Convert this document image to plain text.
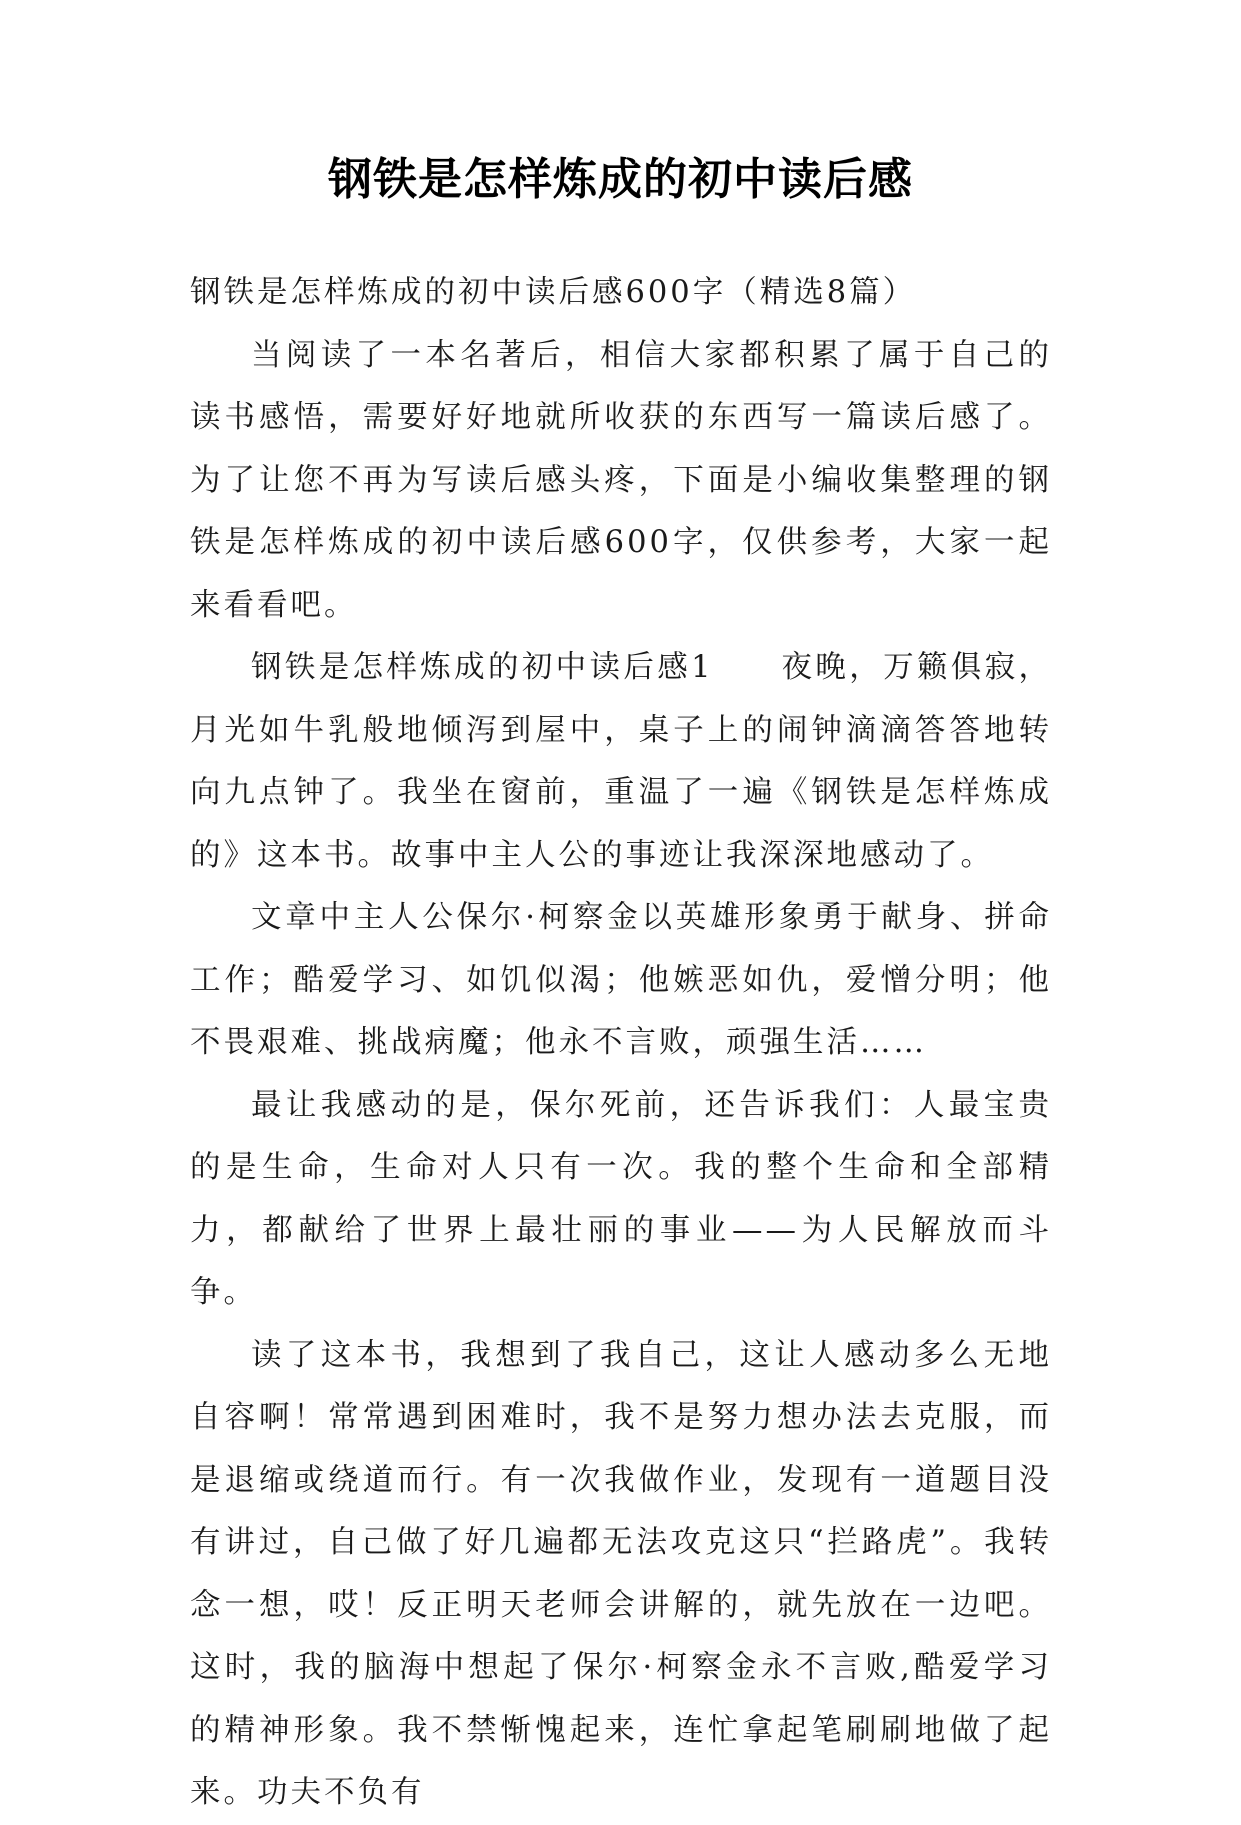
钢铁是怎样炼成的初中读后感

钢铁是怎样炼成的初中读后感600字（精选8篇）

当阅读了一本名著后，相信大家都积累了属于自己的读书感悟，需要好好地就所收获的东西写一篇读后感了。为了让您不再为写读后感头疼，下面是小编收集整理的钢铁是怎样炼成的初中读后感600字，仅供参考，大家一起来看看吧。

钢铁是怎样炼成的初中读后感1　　夜晚，万籁俱寂，月光如牛乳般地倾泻到屋中，桌子上的闹钟滴滴答答地转向九点钟了。我坐在窗前，重温了一遍《钢铁是怎样炼成的》这本书。故事中主人公的事迹让我深深地感动了。

文章中主人公保尔·柯察金以英雄形象勇于献身、拼命工作；酷爱学习、如饥似渴；他嫉恶如仇，爱憎分明；他不畏艰难、挑战病魔；他永不言败，顽强生活……

最让我感动的是，保尔死前，还告诉我们：人最宝贵的是生命，生命对人只有一次。我的整个生命和全部精力，都献给了世界上最壮丽的事业——为人民解放而斗争。

读了这本书，我想到了我自己，这让人感动多么无地自容啊！常常遇到困难时，我不是努力想办法去克服，而是退缩或绕道而行。有一次我做作业，发现有一道题目没有讲过，自己做了好几遍都无法攻克这只“拦路虎”。我转念一想，哎！反正明天老师会讲解的，就先放在一边吧。这时，我的脑海中想起了保尔·柯察金永不言败,酷爱学习的精神形象。我不禁惭愧起来，连忙拿起笔刷刷地做了起来。功夫不负有
